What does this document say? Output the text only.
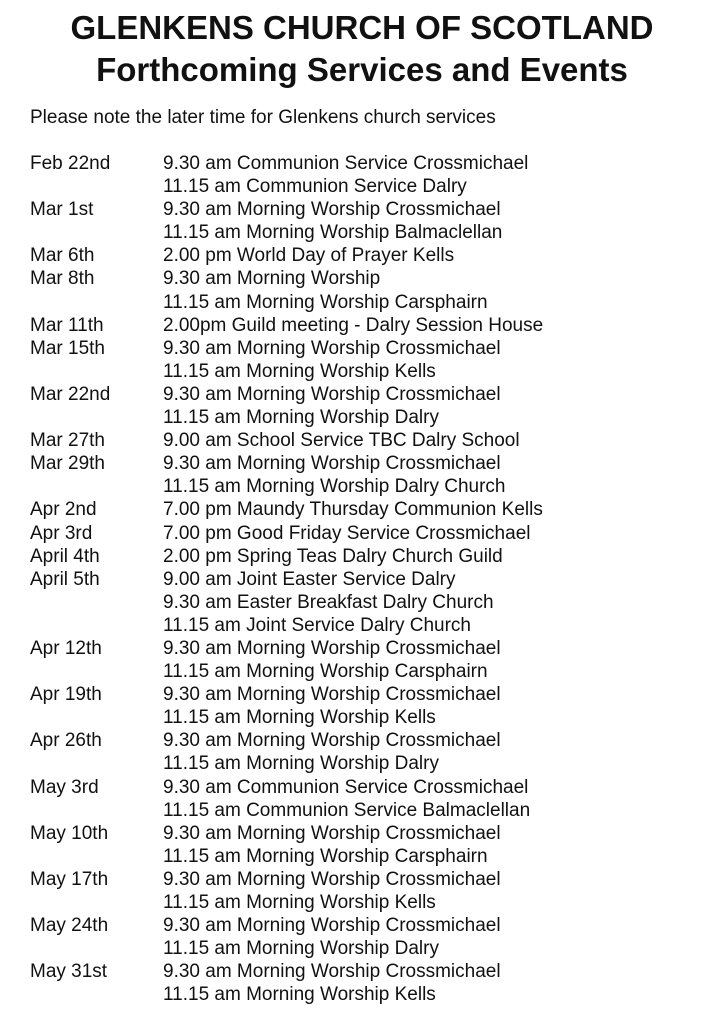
GLENKENS CHURCH OF SCOTLAND
Forthcoming Services and Events
Please note the later time for Glenkens church services
Feb 22nd	9.30 am Communion Service Crossmichael
11.15 am Communion Service Dalry
Mar 1st	9.30 am Morning Worship Crossmichael
11.15 am Morning Worship Balmaclellan
Mar 6th	2.00 pm World Day of Prayer Kells
Mar 8th	9.30 am Morning Worship
11.15 am Morning Worship Carsphairn
Mar 11th	2.00pm Guild meeting - Dalry Session House
Mar 15th	9.30 am Morning Worship Crossmichael
11.15 am Morning Worship Kells
Mar 22nd	9.30 am Morning Worship Crossmichael
11.15 am Morning Worship Dalry
Mar 27th	9.00 am School Service TBC Dalry School
Mar 29th	9.30 am Morning Worship Crossmichael
11.15 am Morning Worship Dalry Church
Apr 2nd	7.00 pm Maundy Thursday Communion Kells
Apr 3rd	7.00 pm Good Friday Service Crossmichael
April 4th	2.00 pm Spring Teas Dalry Church Guild
April 5th	9.00 am Joint Easter Service Dalry
9.30 am Easter Breakfast Dalry Church
11.15 am Joint Service Dalry Church
Apr 12th	9.30 am Morning Worship Crossmichael
11.15 am Morning Worship Carsphairn
Apr 19th	9.30 am Morning Worship Crossmichael
11.15 am Morning Worship Kells
Apr 26th	9.30 am Morning Worship Crossmichael
11.15 am Morning Worship Dalry
May 3rd	9.30 am Communion Service Crossmichael
11.15 am Communion Service Balmaclellan
May 10th	9.30 am Morning Worship Crossmichael
11.15 am Morning Worship Carsphairn
May 17th	9.30 am Morning Worship Crossmichael
11.15 am Morning Worship Kells
May 24th	9.30 am Morning Worship Crossmichael
11.15 am Morning Worship Dalry
May 31st	9.30 am Morning Worship Crossmichael
11.15 am Morning Worship Kells
